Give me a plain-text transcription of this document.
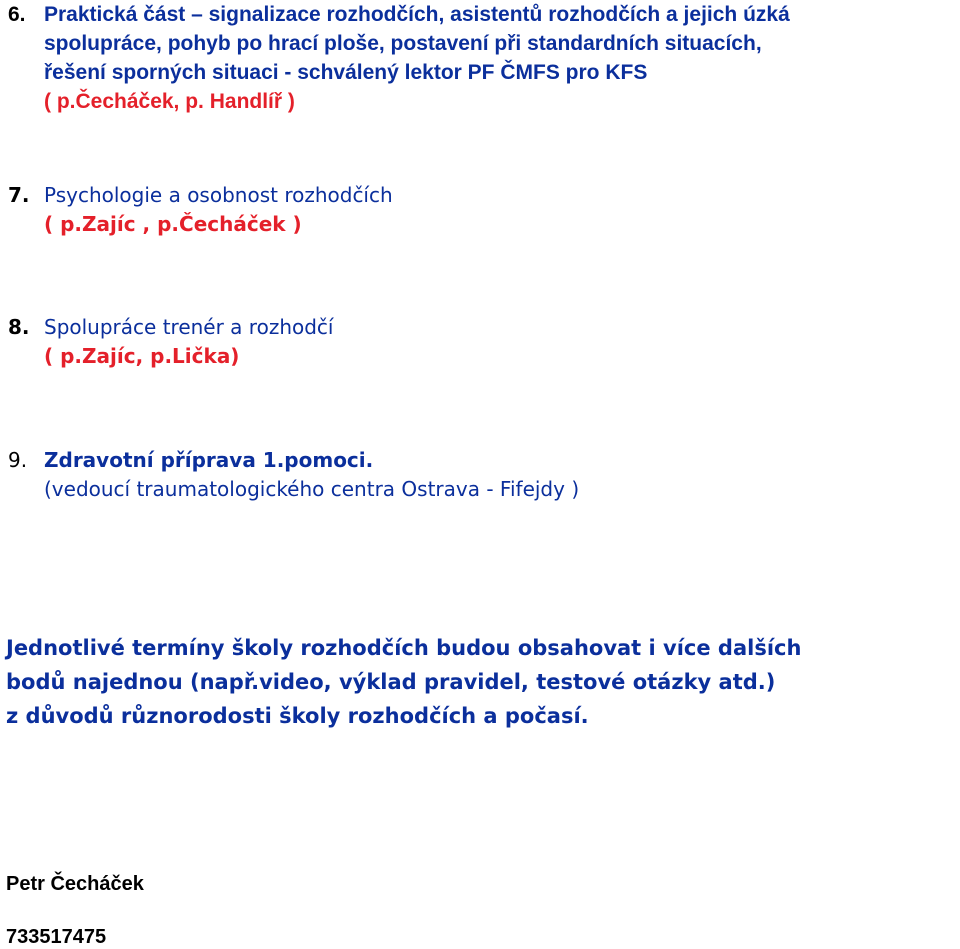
6. Praktická část – signalizace rozhodčích, asistentů rozhodčích a jejich úzká
spolupráce, pohyb po hrací ploše, postavení při standardních situacích,
řešení sporných situaci - schválený lektor PF ČMFS pro KFS
( p.Čecháček, p. Handlíř )
7. Psychologie a osobnost rozhodčích
( p.Zajíc , p.Čecháček )
8. Spolupráce trenér a rozhodčí
( p.Zajíc, p.Lička)
9. Zdravotní příprava 1.pomoci.
(vedoucí traumatologického centra Ostrava - Fifejdy )
Jednotlivé termíny školy rozhodčích budou obsahovat i více dalších
bodů najednou (např.video, výklad pravidel, testové otázky atd.)
z důvodů různorodosti školy rozhodčích a počasí.
Petr Čecháček
733517475
